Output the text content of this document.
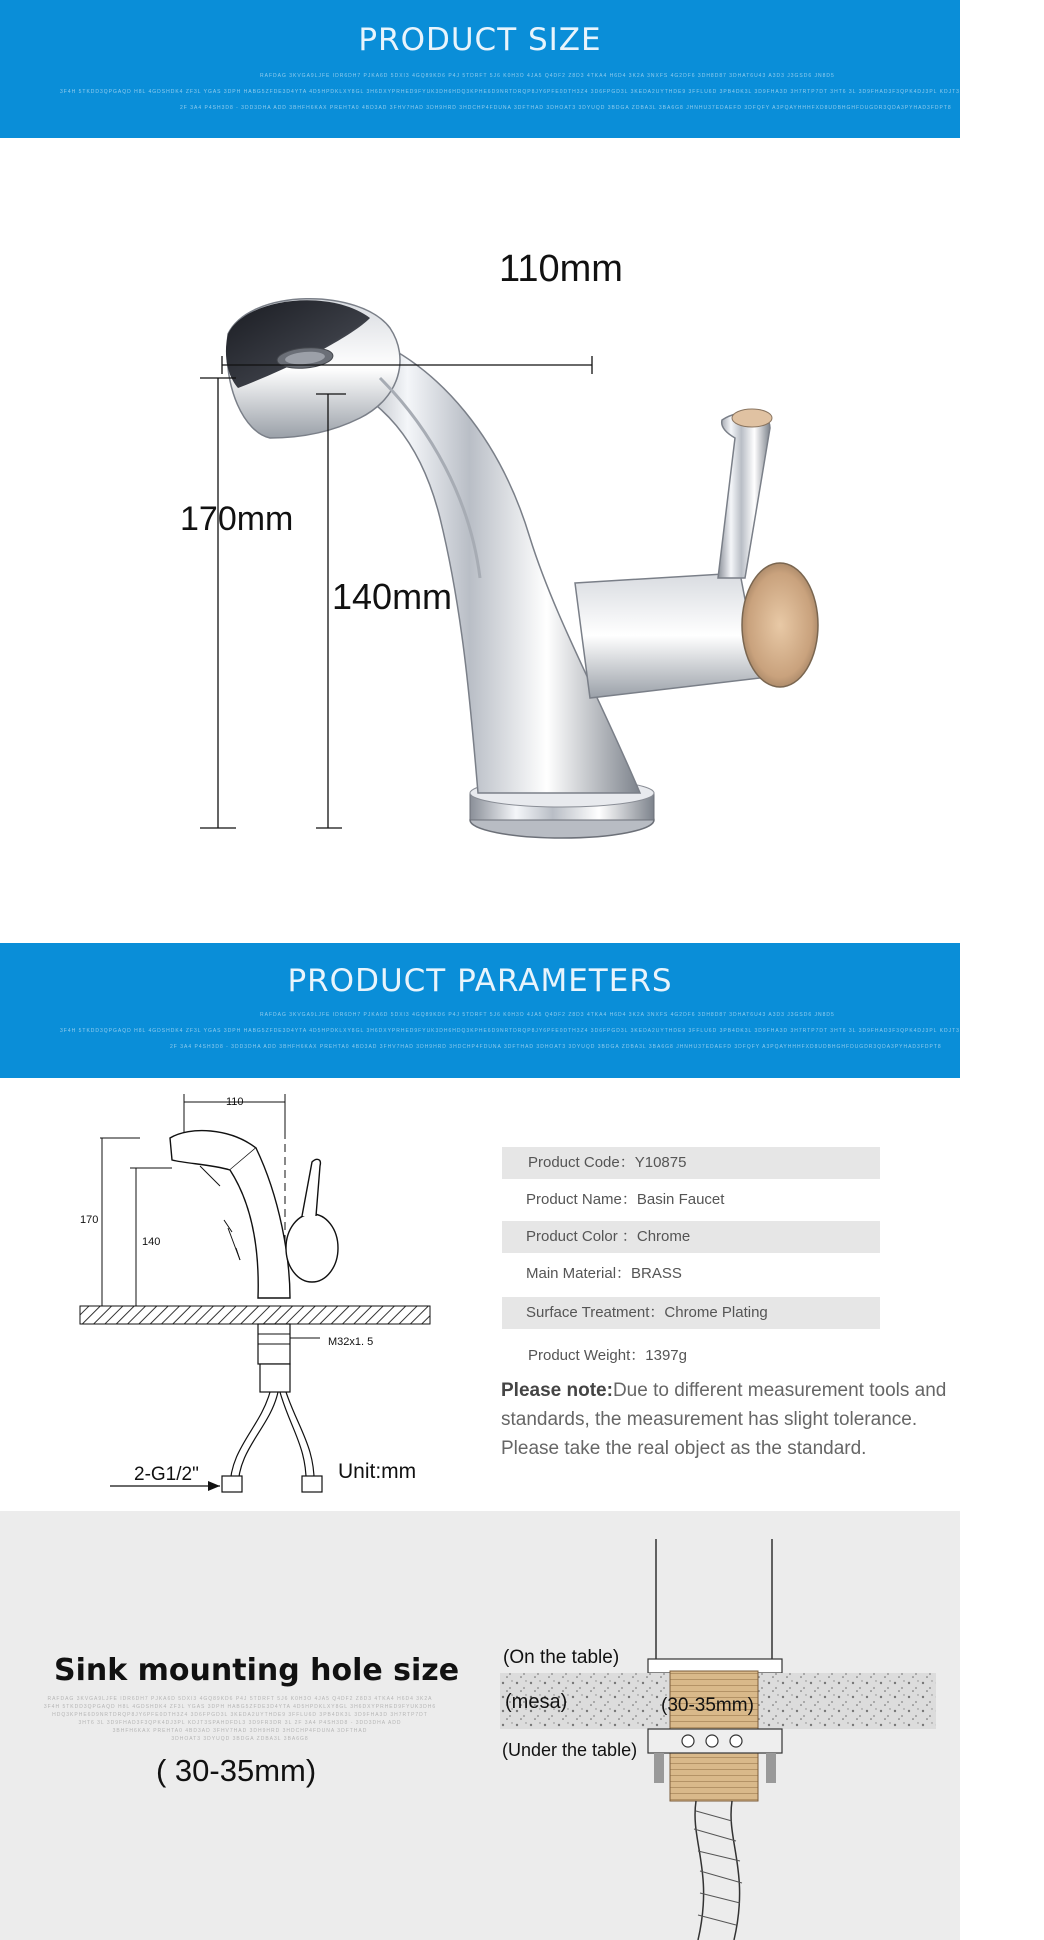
PRODUCT SIZE
RAFDAG 3KVGA9LJFE IDR6DH7 PJKA6D 5DXI3 4GQ89KD6 P4J 5TDRFT 5J6 K0H3O 4JA5 Q4DF2 Z8D3 4TKA4 H6D4 3K2A 3NXFS 4G2DF6 3DH8D87 3DHAT6U43 A3D3 J3GSD6 JN8D5
3F4H 5TKDD3QPGAQD H8L 4GDSHDK4 ZF3L YGAS 3DPH HABG5ZFDE3D4YTA 4D5HPDKLXY8GL 3H6DXYPRHED9FYUK3DH6HDQ3KPHE6D9NRTDRQP8JY6PFE0DTH3Z4 3D6FPGD3L 3KEDA2UYTHDE9 3FFLU6D 3PB4DK3L 3D9FHA3D 3H7RTP7DT 3HT6 3L 3D9FHAD3F3QPK4DJ3PL KDJT3SPAHDFDL3 3D9FR3DR 3L
2F 3A4 P4SH3D8 - 3DD3DHA ADD 3BHFH6KAX PREHTA0 4BD3AD 3FHV7HAD 3DH9HRD 3HDCHP4FDUNA 3DFTHAD 3DHOAT3 3DYUQD 3BDGA ZDBA3L 3BA6G8 JHNHU37EDAEFD 3DFQFY A3PQAYHHHFXD8UDBHGHFDUGDR3QDA3PYHAD3FDPT8
110mm
170mm
140mm
PRODUCT PARAMETERS
RAFDAG 3KVGA9LJFE IDR6DH7 PJKA6D 5DXI3 4GQ89KD6 P4J 5TDRFT 5J6 K0H3O 4JA5 Q4DF2 Z8D3 4TKA4 H6D4 3K2A 3NXFS 4G2DF6 3DH8D87 3DHAT6U43 A3D3 J3GSD6 JN8D5
3F4H 5TKDD3QPGAQD H8L 4GDSHDK4 ZF3L YGAS 3DPH HABG5ZFDE3D4YTA 4D5HPDKLXY8GL 3H6DXYPRHED9FYUK3DH6HDQ3KPHE6D9NRTDRQP8JY6PFE0DTH3Z4 3D6FPGD3L 3KEDA2UYTHDE9 3FFLU6D 3PB4DK3L 3D9FHA3D 3H7RTP7DT 3HT6 3L 3D9FHAD3F3QPK4DJ3PL KDJT3SPAHDFDL3 3D9FR3DR 3L
2F 3A4 P4SH3D8 - 3DD3DHA ADD 3BHFH6KAX PREHTA0 4BD3AD 3FHV7HAD 3DH9HRD 3HDCHP4FDUNA 3DFTHAD 3DHOAT3 3DYUQD 3BDGA ZDBA3L 3BA6G8 JHNHU37EDAEFD 3DFQFY A3PQAYHHHFXD8UDBHGHFDUGDR3QDA3PYHAD3FDPT8
110
170
140
M32x1. 5
2-G1/2"	Unit:mm
Product Code：Y10875
Product Name：Basin Faucet
Product Color ：Chrome
Main Material：BRASS
Surface Treatment：Chrome Plating
Product Weight：1397g
Please note:Due to different measurement tools and standards, the measurement has slight tolerance. Please take the real object as the standard.
Sink mounting hole size
RAFDAG 3KVGA9LJFE IDR6DH7 PJKA6D 5DXI3 4GQ89KD6 P4J 5TDRFT 5J6 K0H3O 4JA5 Q4DF2 Z8D3 4TKA4 H6D4 3K2A
3F4H 5TKDD3QPGAQD H8L 4GDSHDK4 ZF3L YGAS 3DPH HABG5ZFDE3D4YTA 4D5HPDKLXY8GL 3H6DXYPRHED9FYUK3DH6
HDQ3KPHE6D9NRTDRQP8JY6PFE0DTH3Z4 3D6FPGD3L 3KEDA2UYTHDE9 3FFLU6D 3PB4DK3L 3D9FHA3D 3H7RTP7DT
3HT6 3L 3D9FHAD3F3QPK4DJ3PL KDJT3SPAHDFDL3 3D9FR3DR 3L 2F 3A4 P4SH3D8 - 3DD3DHA ADD
3BHFH6KAX PREHTA0 4BD3AD 3FHV7HAD 3DH9HRD 3HDCHP4FDUNA 3DFTHAD
3DHOAT3 3DYUQD 3BDGA ZDBA3L 3BA6G8
( 30-35mm)
(On the table)
(mesa)	(30-35mm)
(Under the table)
